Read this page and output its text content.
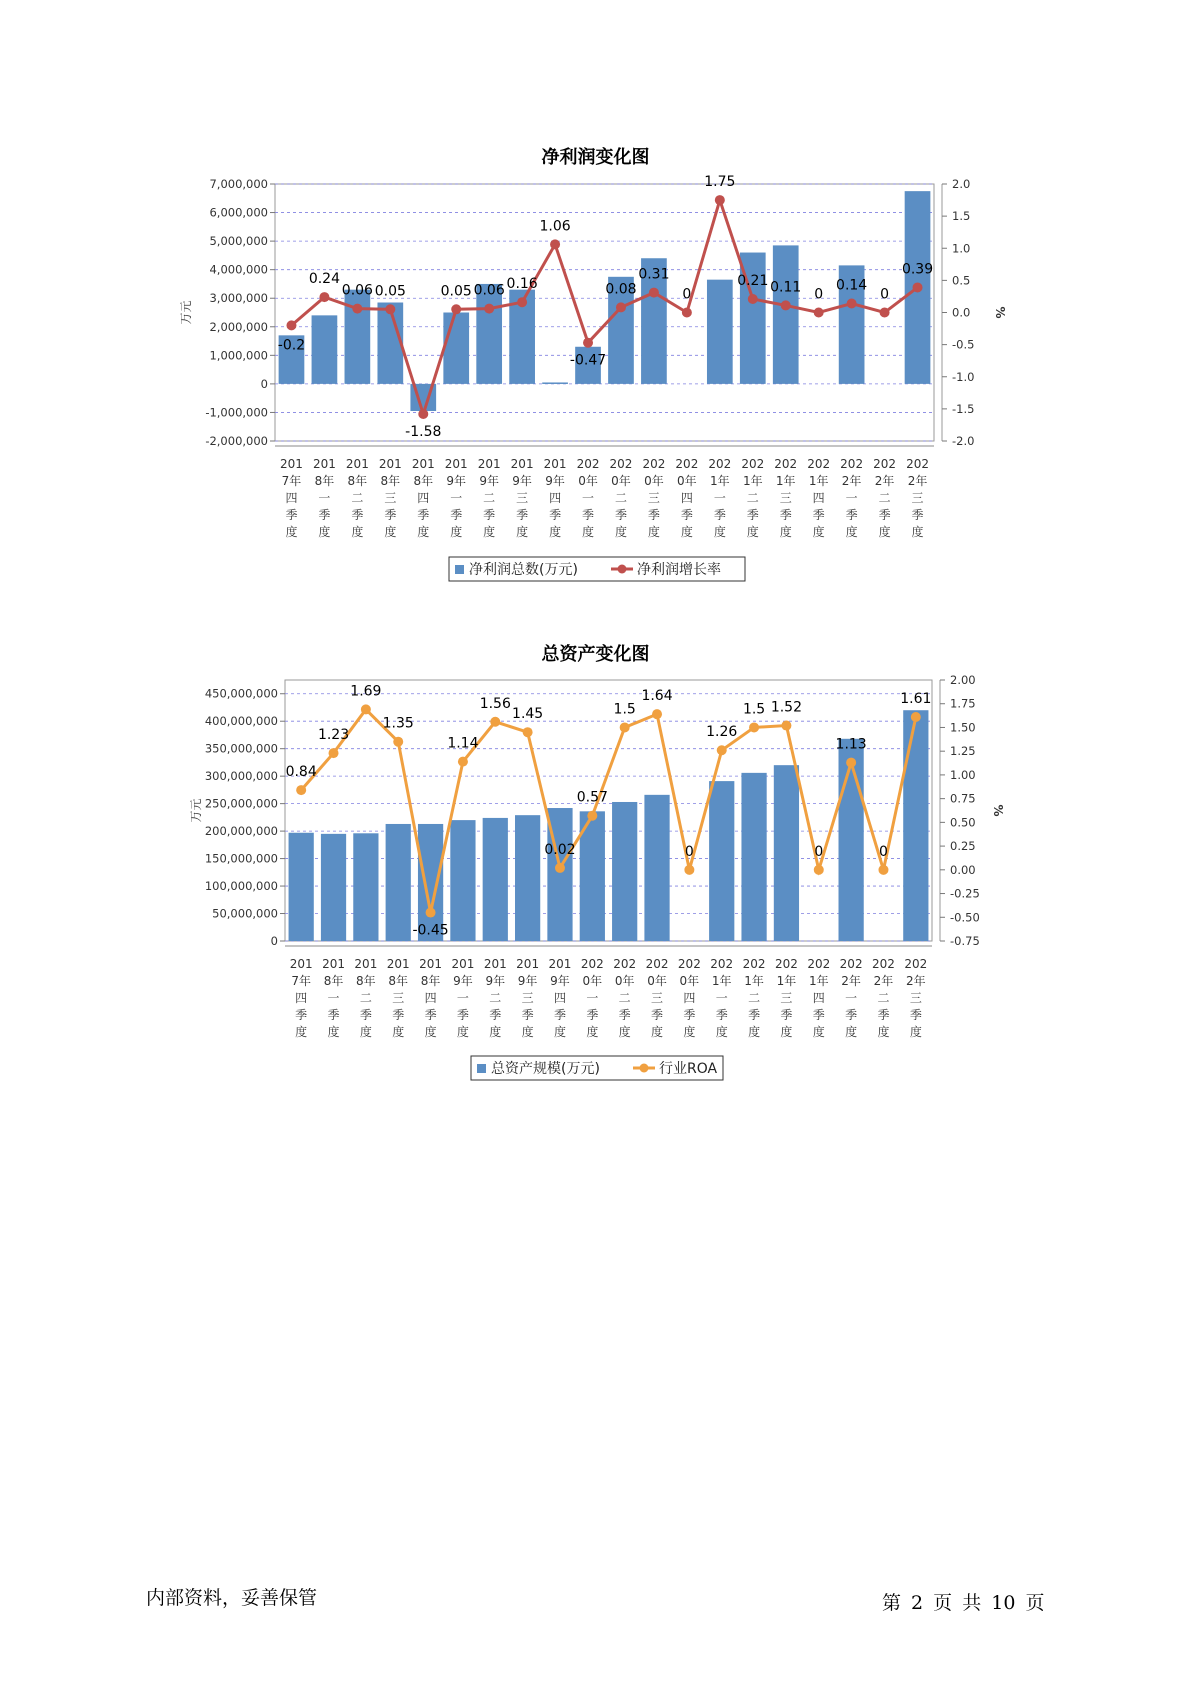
净利润变化图
7,000,000
6,000,000
5,000,000
4,000,000
3,000,000
2,000,000
1,000,000
0
-1,000,000
-2,000,000
2.0
1.5
1.0
0.5
0.0
-0.5
-1.0
-1.5
-2.0
万元	%
201
7年
四
季
度
201
8年
一
季
度
201
8年
二
季
度
201
8年
三
季
度
201
8年
四
季
度
201
9年
一
季
度
201
9年
二
季
度
201
9年
三
季
度
201
9年
四
季
度
202
0年
一
季
度
202
0年
二
季
度
202
0年
三
季
度
202
0年
四
季
度
202
1年
一
季
度
202
1年
二
季
度
202
1年
三
季
度
202
1年
四
季
度
202
2年
一
季
度
202
2年
二
季
度
202
2年
三
季
度
-0.2
0.24
0.06 0.05
-1.58
0.05 0.06 0.16
1.06
-0.47
0.08
0.31
0
1.75
0.21 0.11 0
0.14
0
0.39
净利润总数(万元)	净利润增长率
总资产变化图
450,000,000
400,000,000
350,000,000
300,000,000
250,000,000
200,000,000
150,000,000
100,000,000
50,000,000
0
2.00
1.75
1.50
1.25
1.00
0.75
0.50
0.25
0.00
-0.25
-0.50
-0.75
万元	%
201
7年
四
季
度
201
8年
一
季
度
201
8年
二
季
度
201
8年
三
季
度
201
8年
四
季
度
201
9年
一
季
度
201
9年
二
季
度
201
9年
三
季
度
201
9年
四
季
度
202
0年
一
季
度
202
0年
二
季
度
202
0年
三
季
度
202
0年
四
季
度
202
1年
一
季
度
202
1年
二
季
度
202
1年
三
季
度
202
1年
四
季
度
202
2年
一
季
度
202
2年
二
季
度
202
2年
三
季
度
0.84
1.23
1.69
1.35
-0.45
1.14
1.56
1.45
0.02
0.57
1.5
1.64
0
1.26
1.5 1.52
0
1.13
0
1.61
总资产规模(万元)	行业ROA
内部资料，妥善保管	第 2 页 共 10 页
